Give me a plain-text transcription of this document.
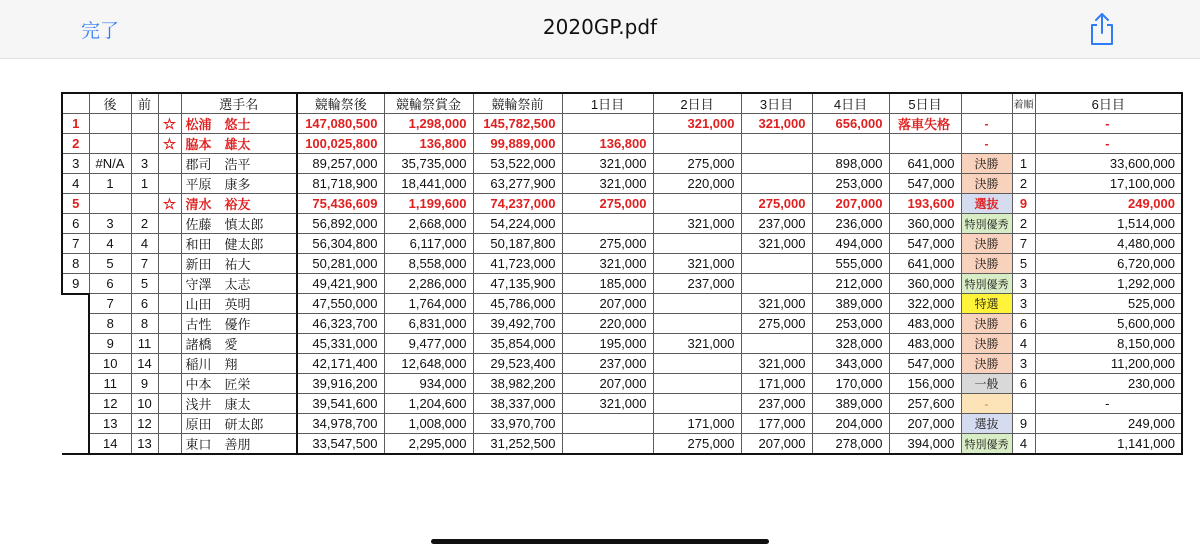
完了	2020GP.pdf
	後	前		選手名	競輪祭後	競輪祭賞金	競輪祭前	1日目	2日目	3日目	4日目	5日目		着順	6日目
1			☆	松浦　悠士	147,080,500	1,298,000	145,782,500		321,000	321,000	656,000	落車失格	-		-
2			☆	脇本　雄太	100,025,800	136,800	99,889,000	136,800					-		-
3	#N/A	3		郡司　浩平	89,257,000	35,735,000	53,522,000	321,000	275,000		898,000	641,000	決勝	1	33,600,000
4	1	1		平原　康多	81,718,900	18,441,000	63,277,900	321,000	220,000		253,000	547,000	決勝	2	17,100,000
5			☆	清水　裕友	75,436,609	1,199,600	74,237,000	275,000		275,000	207,000	193,600	選抜	9	249,000
6	3	2		佐藤　慎太郎	56,892,000	2,668,000	54,224,000		321,000	237,000	236,000	360,000	特別優秀	2	1,514,000
7	4	4		和田　健太郎	56,304,800	6,117,000	50,187,800	275,000		321,000	494,000	547,000	決勝	7	4,480,000
8	5	7		新田　祐大	50,281,000	8,558,000	41,723,000	321,000	321,000		555,000	641,000	決勝	5	6,720,000
9	6	5		守澤　太志	49,421,900	2,286,000	47,135,900	185,000	237,000		212,000	360,000	特別優秀	3	1,292,000
	7	6		山田　英明	47,550,000	1,764,000	45,786,000	207,000		321,000	389,000	322,000	特選	3	525,000
	8	8		古性　優作	46,323,700	6,831,000	39,492,700	220,000		275,000	253,000	483,000	決勝	6	5,600,000
	9	11		諸橋　愛	45,331,000	9,477,000	35,854,000	195,000	321,000		328,000	483,000	決勝	4	8,150,000
	10	14		稲川　翔	42,171,400	12,648,000	29,523,400	237,000		321,000	343,000	547,000	決勝	3	11,200,000
	11	9		中本　匠栄	39,916,200	934,000	38,982,200	207,000		171,000	170,000	156,000	一般	6	230,000
	12	10		浅井　康太	39,541,600	1,204,600	38,337,000	321,000		237,000	389,000	257,600	-		-
	13	12		原田　研太郎	34,978,700	1,008,000	33,970,700		171,000	177,000	204,000	207,000	選抜	9	249,000
	14	13		東口　善朋	33,547,500	2,295,000	31,252,500		275,000	207,000	278,000	394,000	特別優秀	4	1,141,000
